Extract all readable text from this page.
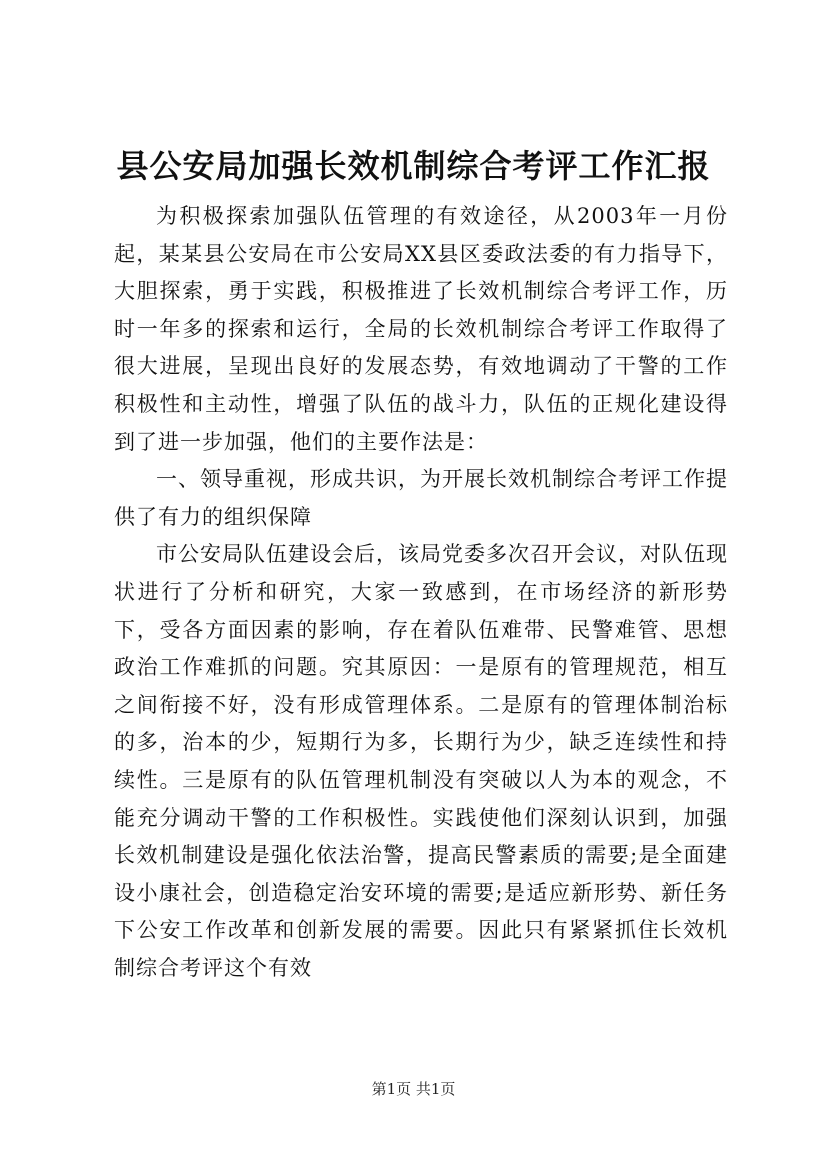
县公安局加强长效机制综合考评工作汇报

为积极探索加强队伍管理的有效途径，从2003年一月份起，某某县公安局在市公安局XX县区委政法委的有力指导下，大胆探索，勇于实践，积极推进了长效机制综合考评工作，历时一年多的探索和运行，全局的长效机制综合考评工作取得了很大进展，呈现出良好的发展态势，有效地调动了干警的工作积极性和主动性，增强了队伍的战斗力，队伍的正规化建设得到了进一步加强，他们的主要作法是：

一、领导重视，形成共识，为开展长效机制综合考评工作提供了有力的组织保障

市公安局队伍建设会后，该局党委多次召开会议，对队伍现状进行了分析和研究，大家一致感到，在市场经济的新形势下，受各方面因素的影响，存在着队伍难带、民警难管、思想政治工作难抓的问题。究其原因：一是原有的管理规范，相互之间衔接不好，没有形成管理体系。二是原有的管理体制治标的多，治本的少，短期行为多，长期行为少，缺乏连续性和持续性。三是原有的队伍管理机制没有突破以人为本的观念，不能充分调动干警的工作积极性。实践使他们深刻认识到，加强长效机制建设是强化依法治警，提高民警素质的需要;是全面建设小康社会，创造稳定治安环境的需要;是适应新形势、新任务下公安工作改革和创新发展的需要。因此只有紧紧抓住长效机制综合考评这个有效

第1页 共1页
